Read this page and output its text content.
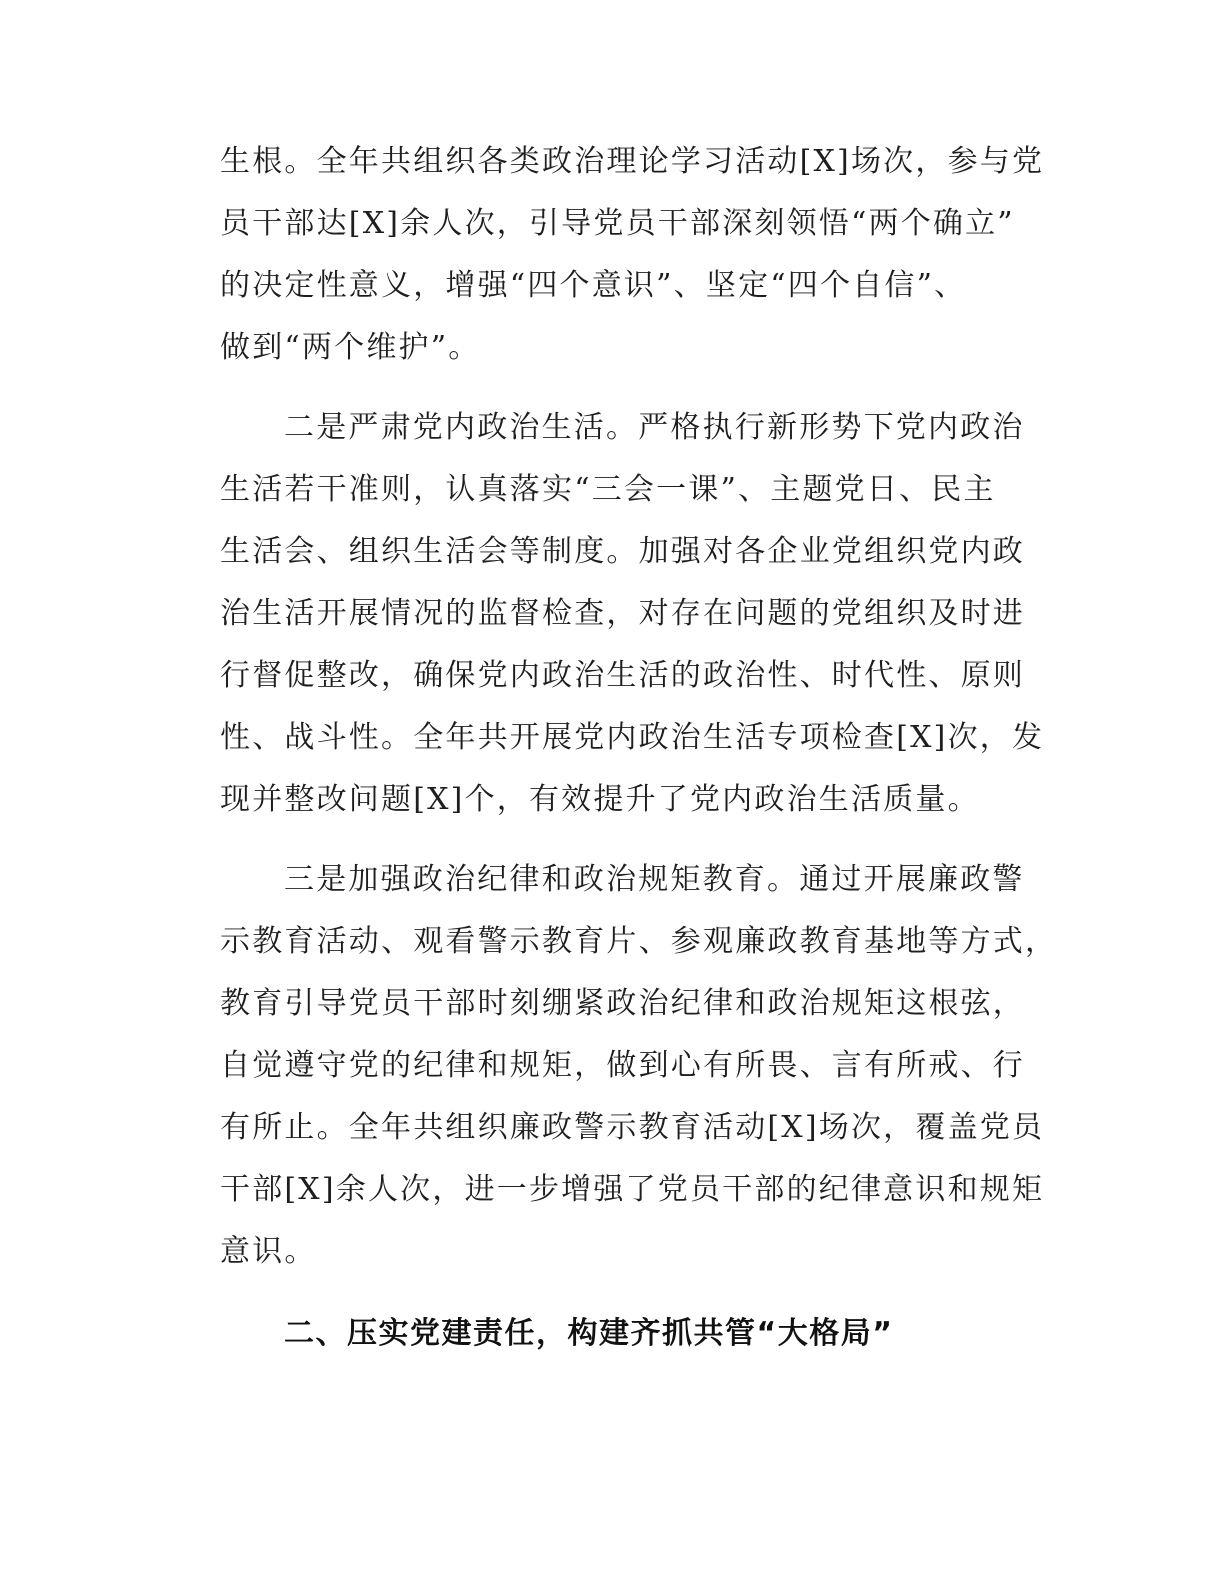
生根。全年共组织各类政治理论学习活动[X]场次，参与党
员干部达[X]余人次，引导党员干部深刻领悟“两个确立”
的决定性意义，增强“四个意识”、坚定“四个自信”、
做到“两个维护”。
二是严肃党内政治生活。严格执行新形势下党内政治
生活若干准则，认真落实“三会一课”、主题党日、民主
生活会、组织生活会等制度。加强对各企业党组织党内政
治生活开展情况的监督检查，对存在问题的党组织及时进
行督促整改，确保党内政治生活的政治性、时代性、原则
性、战斗性。全年共开展党内政治生活专项检查[X]次，发
现并整改问题[X]个，有效提升了党内政治生活质量。
三是加强政治纪律和政治规矩教育。通过开展廉政警
示教育活动、观看警示教育片、参观廉政教育基地等方式，
教育引导党员干部时刻绷紧政治纪律和政治规矩这根弦，
自觉遵守党的纪律和规矩，做到心有所畏、言有所戒、行
有所止。全年共组织廉政警示教育活动[X]场次，覆盖党员
干部[X]余人次，进一步增强了党员干部的纪律意识和规矩
意识。
二、压实党建责任，构建齐抓共管“大格局”
